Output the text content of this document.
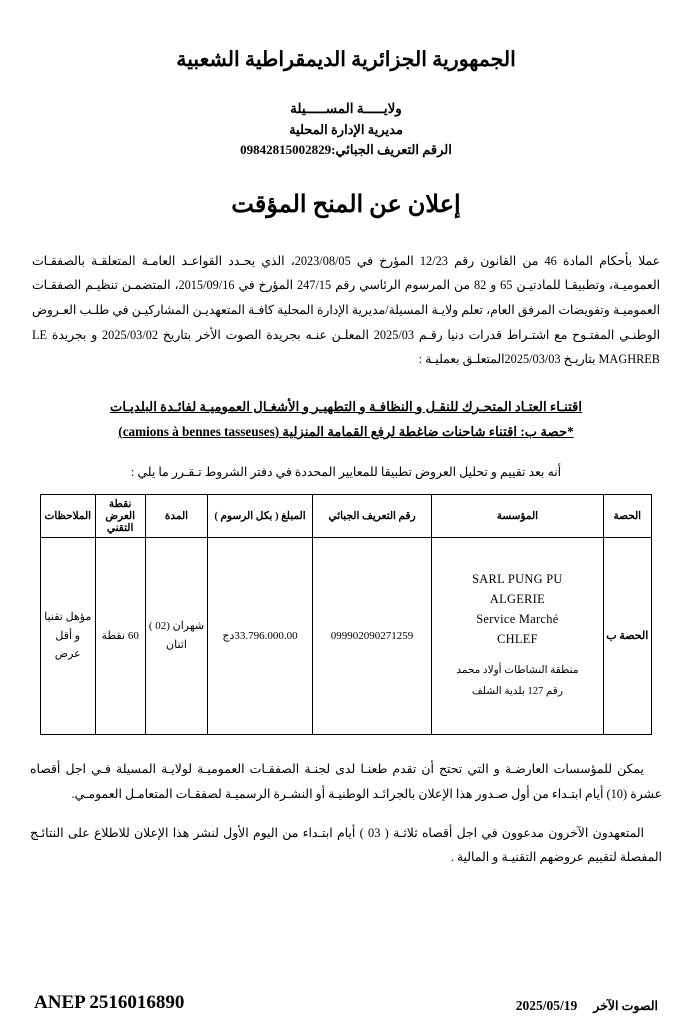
الجمهورية الجزائرية الديمقراطية الشعبية
ولايـــــة المســـــيلة
مديرية الإدارة المحلية
الرقم التعريف الجبائي:09842815002829
إعلان عن المنح المؤقت
عملا بأحكام المادة 46 من القانون رقم 12/23 المؤرخ في 2023/08/05، الذي يحـدد القواعـد العامـة المتعلقـة بالصفقـات العموميـة، وتطبيقـا للمادتيـن 65 و 82 من المرسوم الرئاسي رقم 247/15 المؤرخ في 2015/09/16، المتضمـن تنظيـم الصفقـات العموميـة وتفويضات المرفق العام، تعلم ولايـة المسيلة/مديرية الإدارة المحلية كافـة المتعهديـن المشاركيـن في طلـب العـروض الوطنـي المفتـوح مع اشتـراط قدرات دنيا رقـم 2025/03 المعلـن عنـه بجريدة الصوت الأخر بتاريخ 2025/03/02 و بجريدة LE MAGHREB بتاريـخ 2025/03/03المتعلـق بعمليـة :
اقتنـاء العتـاد المتحـرك للنقـل و النظافـة و التطهيـر و الأشغـال العموميـة لفائـدة البلديـات
*حصة ب: اقتناء شاحنات ضاغطة لرفع القمامة المنزلية (camions à bennes tasseuses)
أنه بعد تقييم و تحليل العروض تطبيقا للمعايير المحددة في دفتر الشروط تـقـرر ما يلي :
الحصة	المؤسسة	رقم التعريف الجبائي	المبلغ ( بكل الرسوم )	المدة	نقطة العرض التقني	الملاحظات
الحصة ب	
SARL PUNG PU
ALGERIE
Service Marché
CHLEF
منطقة النشاطات أولاد محمد
رقم 127 بلدية الشلف
	099902090271259	33.796.000.00دج	شهران (02 ) اثنان	60 نقطة	مؤهل تقنيا و أقل عرض

يمكن للمؤسسات العارضـة و التي تحتج أن تقدم طعنـا لدى لجنـة الصفقـات العموميـة لولايـة المسيلة فـي اجل أقصاه عشرة (10) أيام ابتـداء من أول صـدور هذا الإعلان بالجرائـد الوطنيـة أو النشـرة الرسميـة لصفقـات المتعامـل العمومـي.

المتعهدون الآخرون مدعوون في اجل أقصاه ثلاثـة ( 03 ) أيام ابتـداء من اليوم الأول لنشر هذا الإعلان للاطلاع على النتائـج المفصلة لتقييم عروضهم التقنيـة و المالية .

ANEP 2516016890	الصوت الآخر
2025/05/19
